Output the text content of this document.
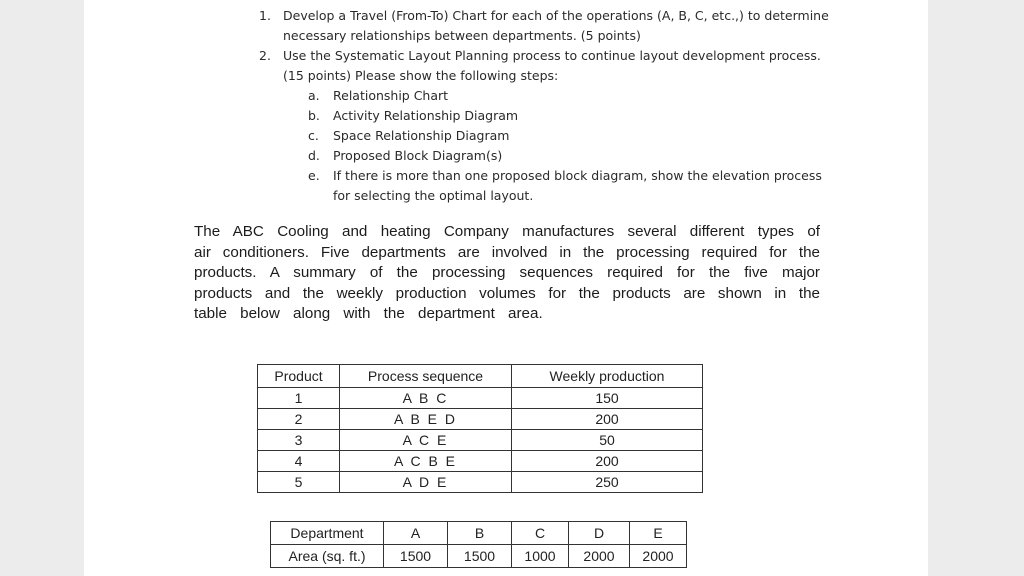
1. Develop a Travel (From-To) Chart for each of the operations (A, B, C, etc.,) to determine
necessary relationships between departments. (5 points)
2. Use the Systematic Layout Planning process to continue layout development process.
(15 points) Please show the following steps:
a. Relationship Chart
b. Activity Relationship Diagram
c. Space Relationship Diagram
d. Proposed Block Diagram(s)
e. If there is more than one proposed block diagram, show the elevation process
for selecting the optimal layout.
The ABC Cooling and heating Company manufactures several different types of
air conditioners. Five departments are involved in the processing required for the
products. A summary of the processing sequences required for the five major
products and the weekly production volumes for the products are shown in the
table below along with the department area.
Product	Process sequence	Weekly production
1	A B C	150
2	A B E D	200
3	A C E	50
4	A C B E	200
5	A D E	250
Department	A	B	C	D	E
Area (sq. ft.)	1500	1500	1000	2000	2000
